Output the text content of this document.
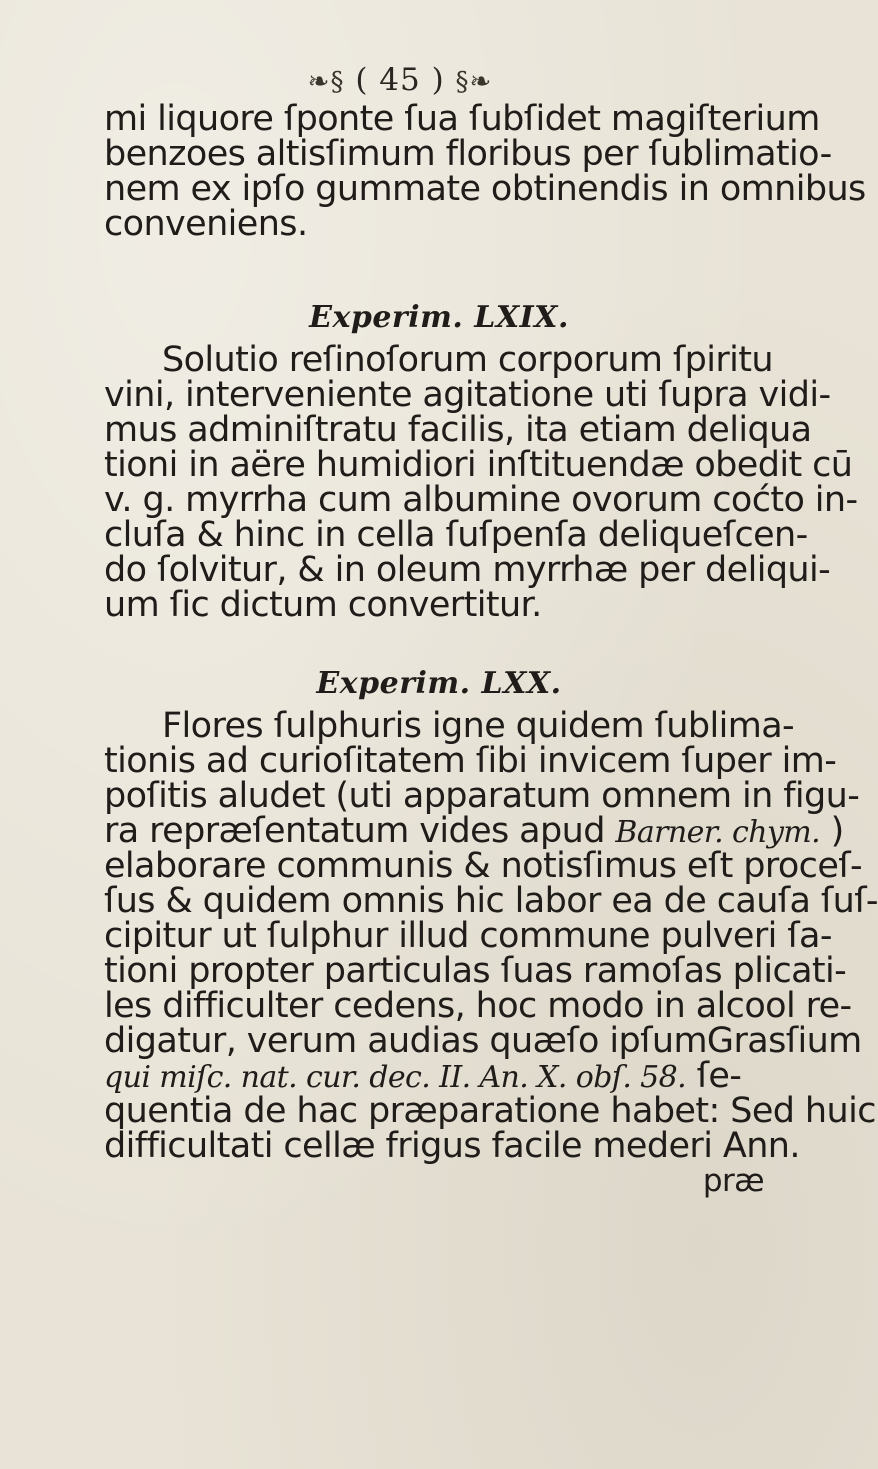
❧§ ( 45 ) §❧
mi liquore ſponte ſua ſubſidet magiſterium
benzoes altisſimum floribus per ſublimatio-
nem ex ipſo gummate obtinendis in omnibus
conveniens.
Experim. LXIX.
Solutio reſinoſorum corporum ſpiritu
vini, interveniente agitatione uti ſupra vidi-
mus adminiſtratu facilis, ita etiam deliqua
tioni in aëre humidiori inſtituendæ obedit cū
v. g. myrrha cum albumine ovorum coćto in-
cluſa & hinc in cella ſuſpenſa deliqueſcen-
do ſolvitur, & in oleum myrrhæ per deliqui-
um ſic dictum convertitur.
Experim. LXX.
Flores ſulphuris igne quidem ſublima-
tionis ad curioſitatem ſibi invicem ſuper im-
poſitis aludet (uti apparatum omnem in figu-
ra repræſentatum vides apud Barner. chym. )
elaborare communis & notisſimus eſt proceſ-
ſus & quidem omnis hic labor ea de cauſa ſuſ-
cipitur ut ſulphur illud commune pulveri ſa-
tioni propter particulas ſuas ramoſas plicati-
les difficulter cedens, hoc modo in alcool re-
digatur, verum audias quæſo ipſumGrasſium
qui miſc. nat. cur. dec. II. An. X. obſ. 58. ſe-
quentia de hac præparatione habet: Sed huic
difficultati cellæ frigus facile mederi Ann.
præ
